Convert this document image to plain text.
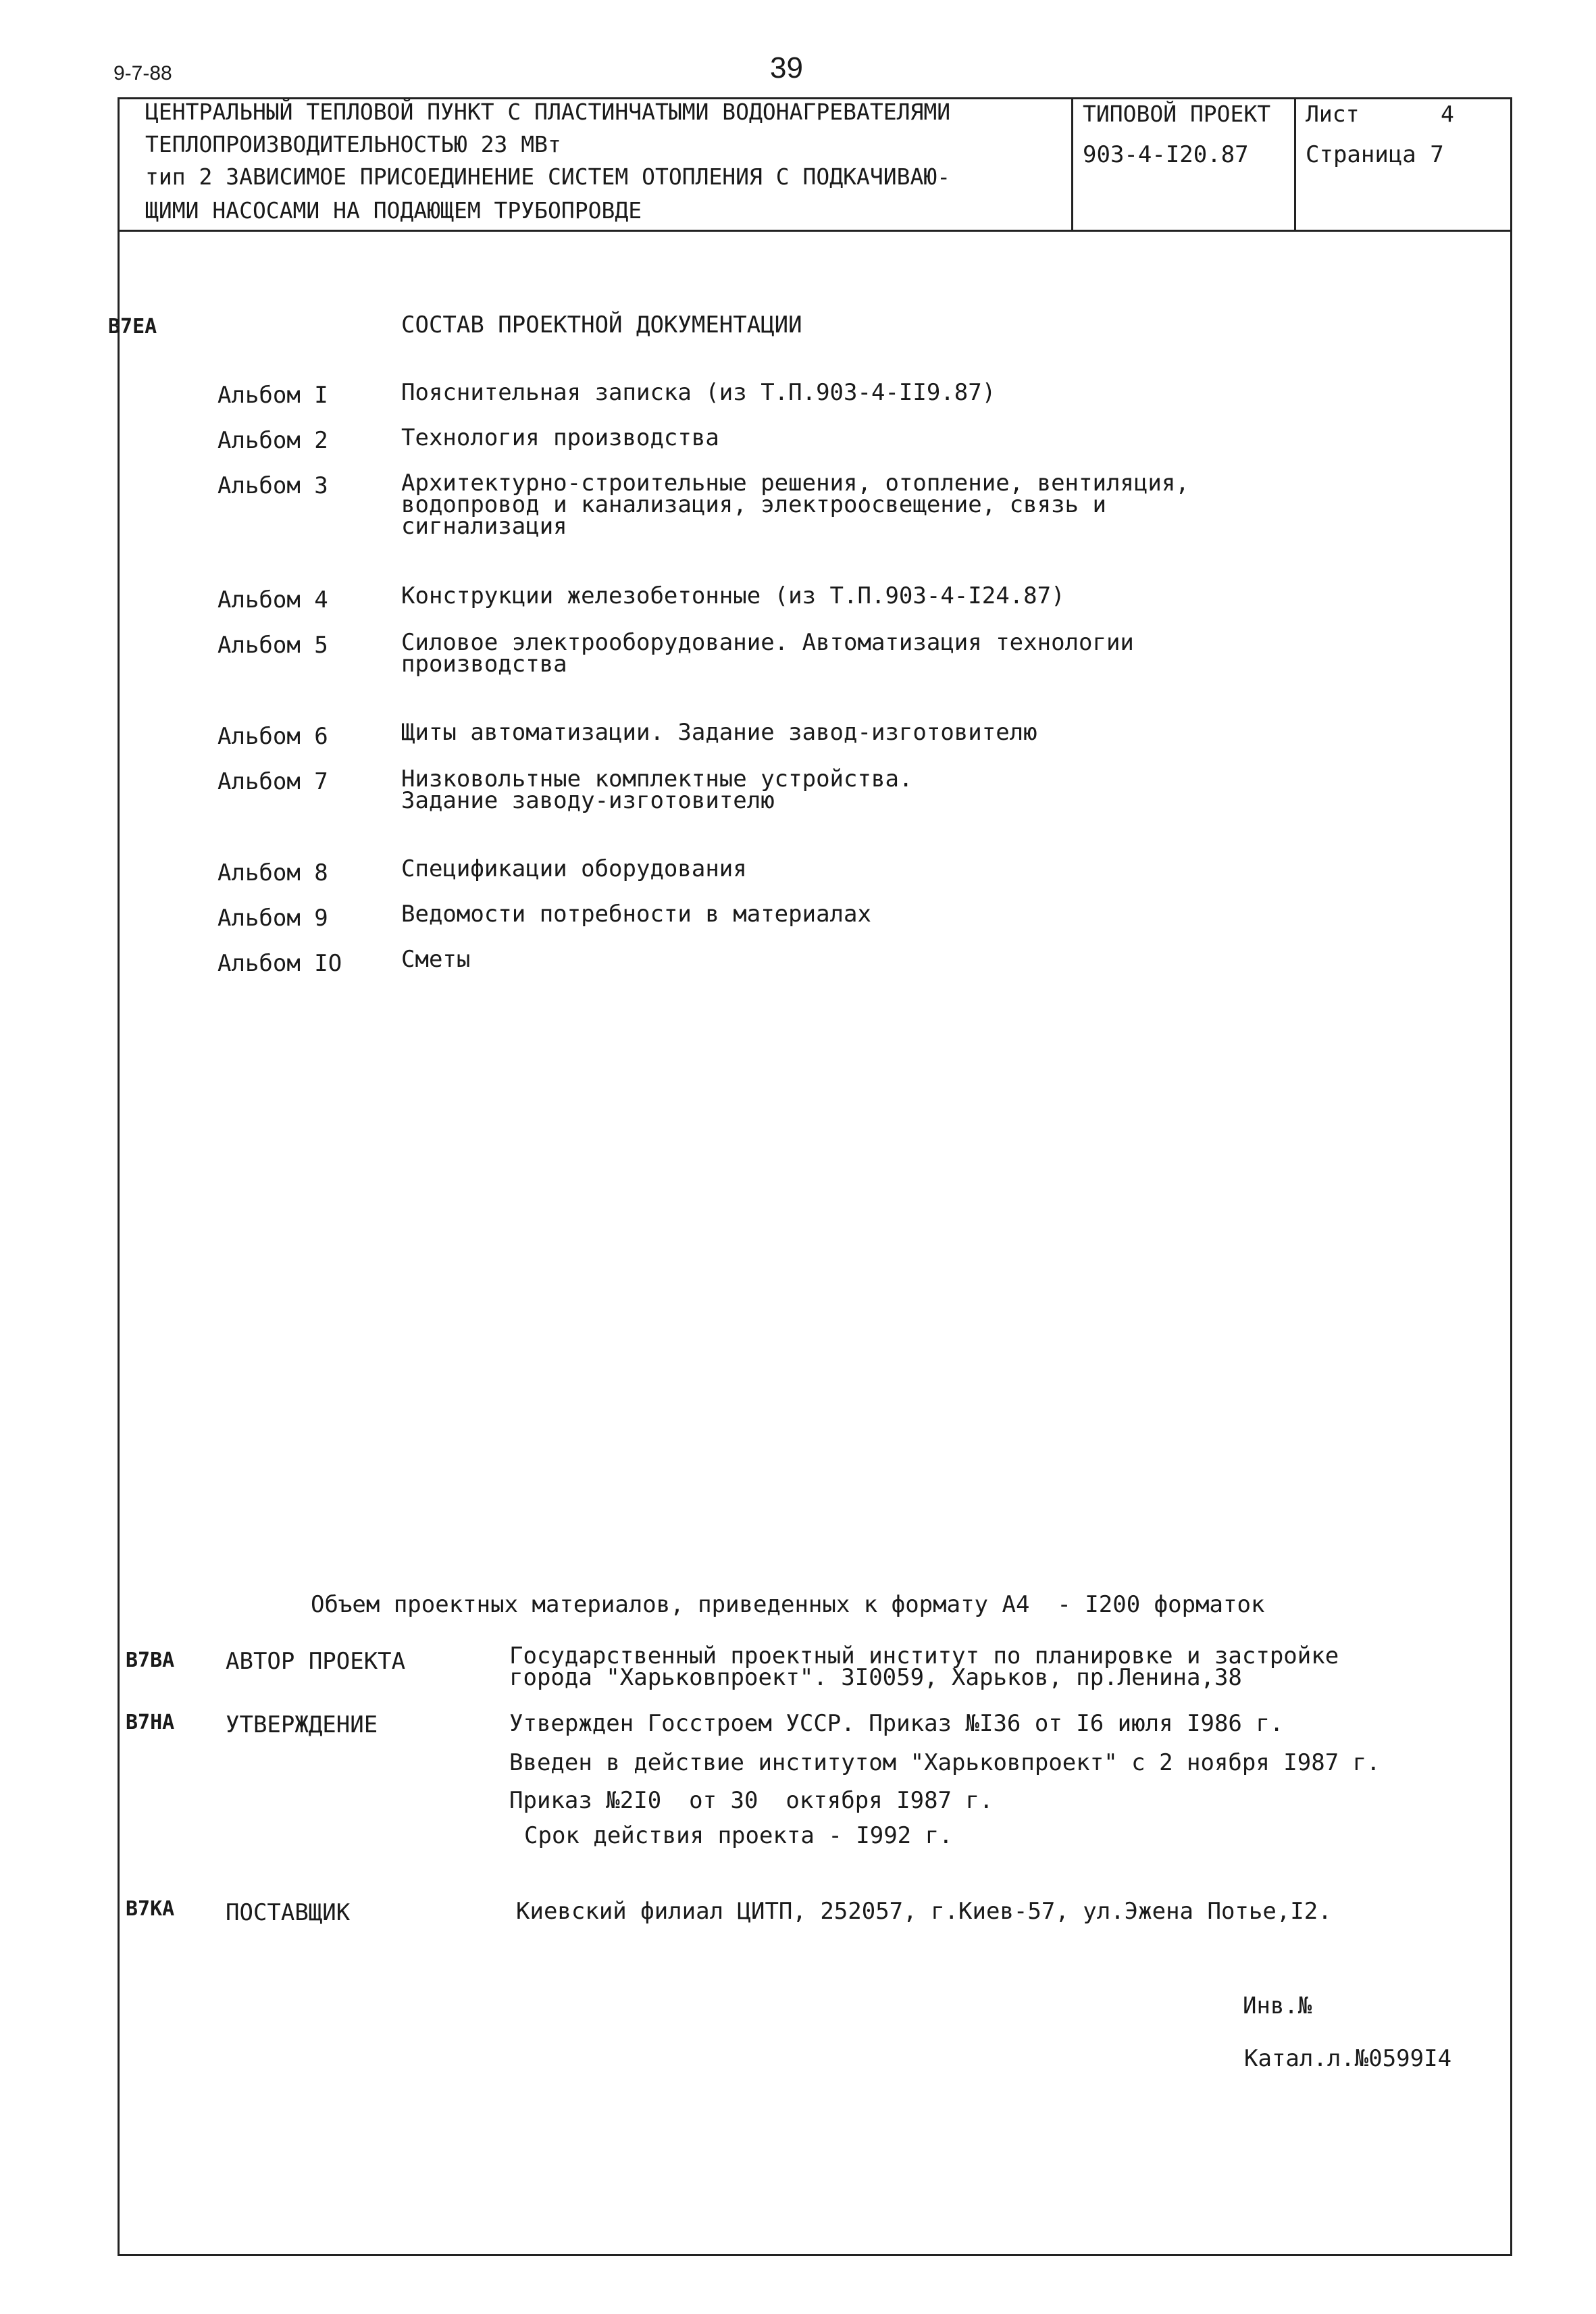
9-7-88	39
ЦЕНТРАЛЬНЫЙ ТЕПЛОВОЙ ПУНКТ С ПЛАСТИНЧАТЫМИ ВОДОНАГРЕВАТЕЛЯМИ
ТЕПЛОПРОИЗВОДИТЕЛЬНОСТЬЮ 23 МВт
тип 2 ЗАВИСИМОЕ ПРИСОЕДИНЕНИЕ СИСТЕМ ОТОПЛЕНИЯ С ПОДКАЧИВАЮ-
ЩИМИ НАСОСАМИ НА ПОДАЮЩЕМ ТРУБОПРОВДЕ
ТИПОВОЙ ПРОЕКТ
903-4-I20.87
Лист	4
Страница 7
В7ЕА	СОСТАВ ПРОЕКТНОЙ ДОКУМЕНТАЦИИ
Альбом I	Пояснительная записка (из Т.П.903-4-II9.87)
Альбом 2	Технология производства
Альбом 3	Архитектурно-строительные решения, отопление, вентиляция,
водопровод и канализация, электроосвещение, связь и
сигнализация
Альбом 4	Конструкции железобетонные (из Т.П.903-4-I24.87)
Альбом 5	Силовое электрооборудование. Автоматизация технологии
производства
Альбом 6	Щиты автоматизации. Задание завод-изготовителю
Альбом 7	Низковольтные комплектные устройства.
Задание заводу-изготовителю
Альбом 8	Спецификации оборудования
Альбом 9	Ведомости потребности в материалах
Альбом IO	Сметы
Объем проектных материалов, приведенных к формату А4  - I200 форматок
В7ВА АВТОР ПРОЕКТА	Государственный проектный институт по планировке и застройке
города "Харьковпроект". 3I0059, Харьков, пр.Ленина,38
В7НА УТВЕРЖДЕНИЕ	Утвержден Госстроем УССР. Приказ №I36 от I6 июля I986 г.
Введен в действие институтом "Харьковпроект" с 2 ноября I987 г.
Приказ №2I0  от 30  октября I987 г.
Срок действия проекта - I992 г.
В7КА ПОСТАВЩИК	Киевский филиал ЦИТП, 252057, г.Киев-57, ул.Эжена Потье,I2.
Инв.№
Катал.л.№0599I4
